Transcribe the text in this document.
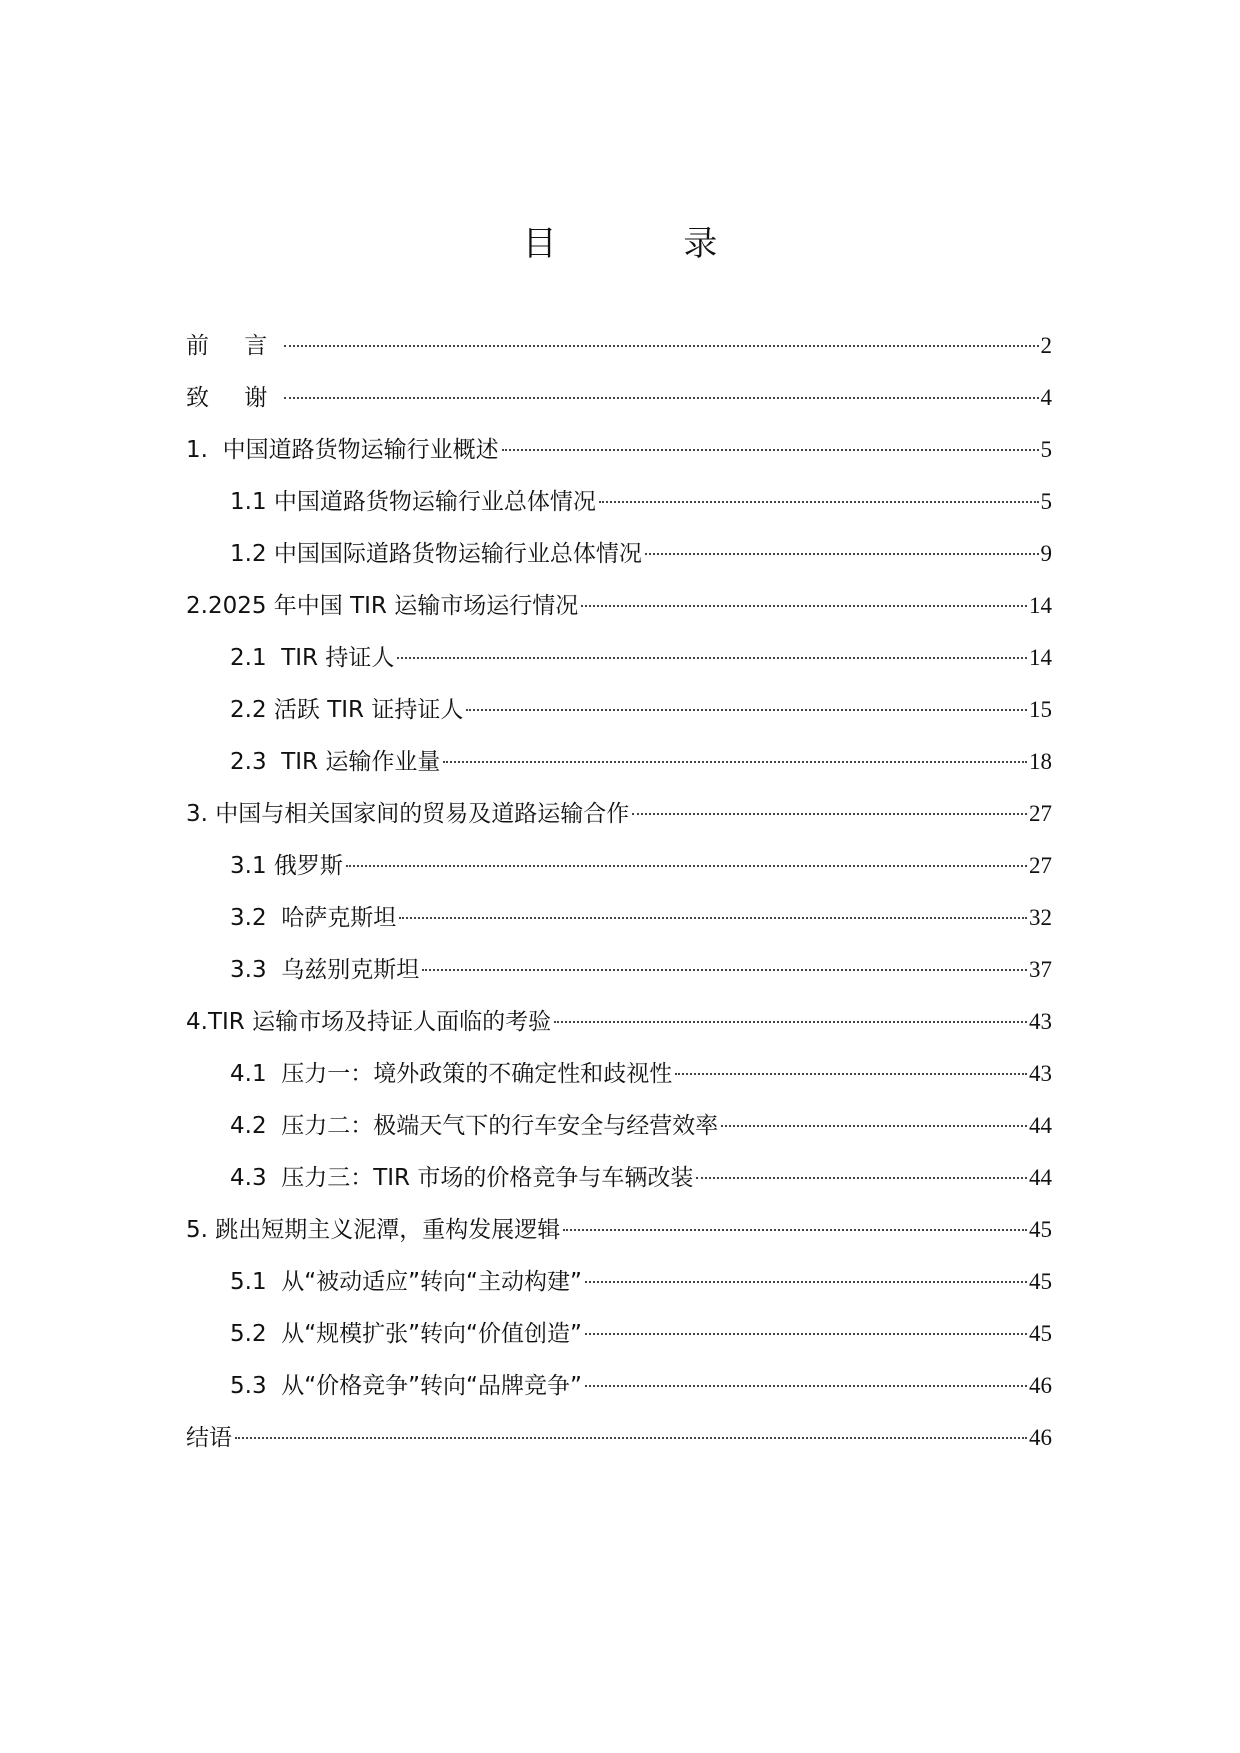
目 录
前 言	2
致 谢	4
1.  中国道路货物运输行业概述	5
1.1 中国道路货物运输行业总体情况	5
1.2 中国国际道路货物运输行业总体情况	9
2.2025 年中国 TIR 运输市场运行情况	14
2.1  TIR 持证人	14
2.2 活跃 TIR 证持证人	15
2.3  TIR 运输作业量	18
3. 中国与相关国家间的贸易及道路运输合作	27
3.1 俄罗斯	27
3.2  哈萨克斯坦	32
3.3  乌兹别克斯坦	37
4.TIR 运输市场及持证人面临的考验	43
4.1  压力一：境外政策的不确定性和歧视性	43
4.2  压力二：极端天气下的行车安全与经营效率	44
4.3  压力三：TIR 市场的价格竞争与车辆改装	44
5. 跳出短期主义泥潭，重构发展逻辑	45
5.1  从“被动适应”转向“主动构建”	45
5.2  从“规模扩张”转向“价值创造”	45
5.3  从“价格竞争”转向“品牌竞争”	46
结语	46
